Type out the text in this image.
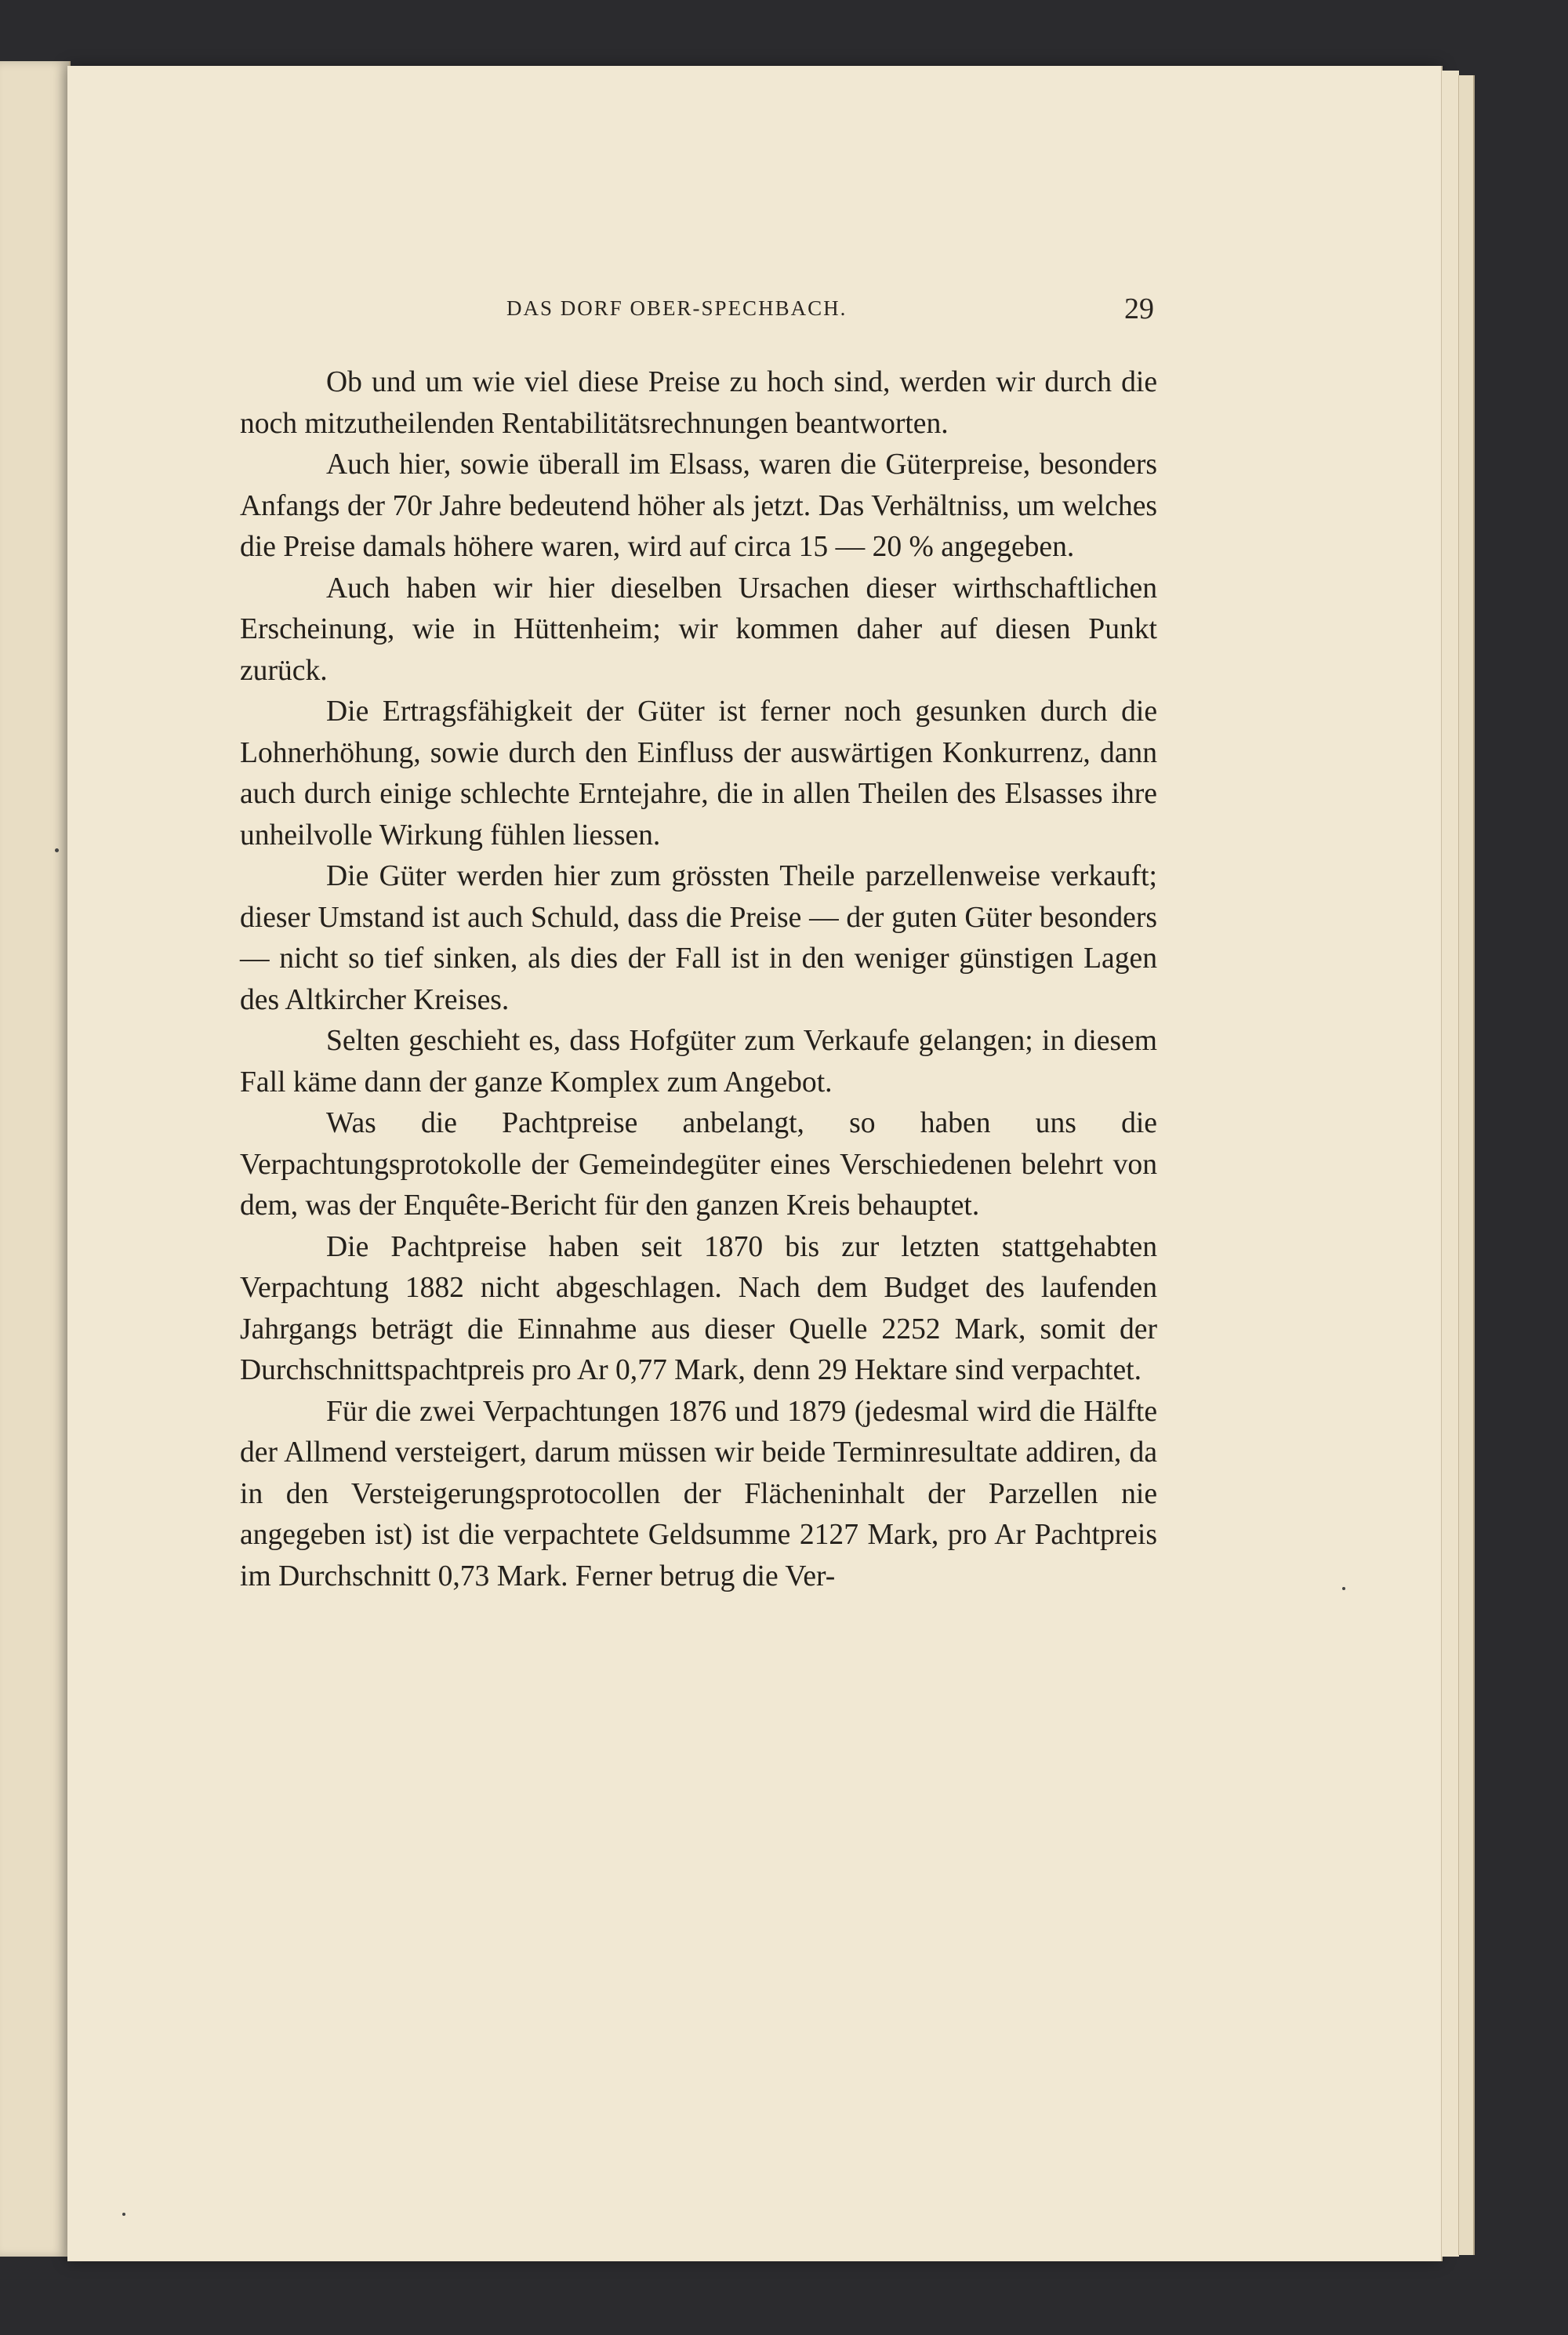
DAS DORF OBER-SPECHBACH.	29

Ob und um wie viel diese Preise zu hoch sind, werden wir durch die noch mitzutheilenden Rentabilitätsrechnungen beantworten.

Auch hier, sowie überall im Elsass, waren die Güterpreise, besonders Anfangs der 70r Jahre bedeutend höher als jetzt. Das Verhältniss, um welches die Preise damals höhere waren, wird auf circa 15 — 20 % angegeben.

Auch haben wir hier dieselben Ursachen dieser wirthschaftlichen Erscheinung, wie in Hüttenheim; wir kommen daher auf diesen Punkt zurück.

Die Ertragsfähigkeit der Güter ist ferner noch gesunken durch die Lohnerhöhung, sowie durch den Einfluss der auswärtigen Konkurrenz, dann auch durch einige schlechte Erntejahre, die in allen Theilen des Elsasses ihre unheilvolle Wirkung fühlen liessen.

Die Güter werden hier zum grössten Theile parzellenweise verkauft; dieser Umstand ist auch Schuld, dass die Preise — der guten Güter besonders — nicht so tief sinken, als dies der Fall ist in den weniger günstigen Lagen des Altkircher Kreises.

Selten geschieht es, dass Hofgüter zum Verkaufe gelangen; in diesem Fall käme dann der ganze Komplex zum Angebot.

Was die Pachtpreise anbelangt, so haben uns die Verpachtungsprotokolle der Gemeindegüter eines Verschiedenen belehrt von dem, was der Enquête-Bericht für den ganzen Kreis behauptet.

Die Pachtpreise haben seit 1870 bis zur letzten stattgehabten Verpachtung 1882 nicht abgeschlagen. Nach dem Budget des laufenden Jahrgangs beträgt die Einnahme aus dieser Quelle 2252 Mark, somit der Durchschnittspachtpreis pro Ar 0,77 Mark, denn 29 Hektare sind verpachtet.

Für die zwei Verpachtungen 1876 und 1879 (jedesmal wird die Hälfte der Allmend versteigert, darum müssen wir beide Terminresultate addiren, da in den Versteigerungsprotocollen der Flächeninhalt der Parzellen nie angegeben ist) ist die verpachtete Geldsumme 2127 Mark, pro Ar Pachtpreis im Durchschnitt 0,73 Mark. Ferner betrug die Ver-
